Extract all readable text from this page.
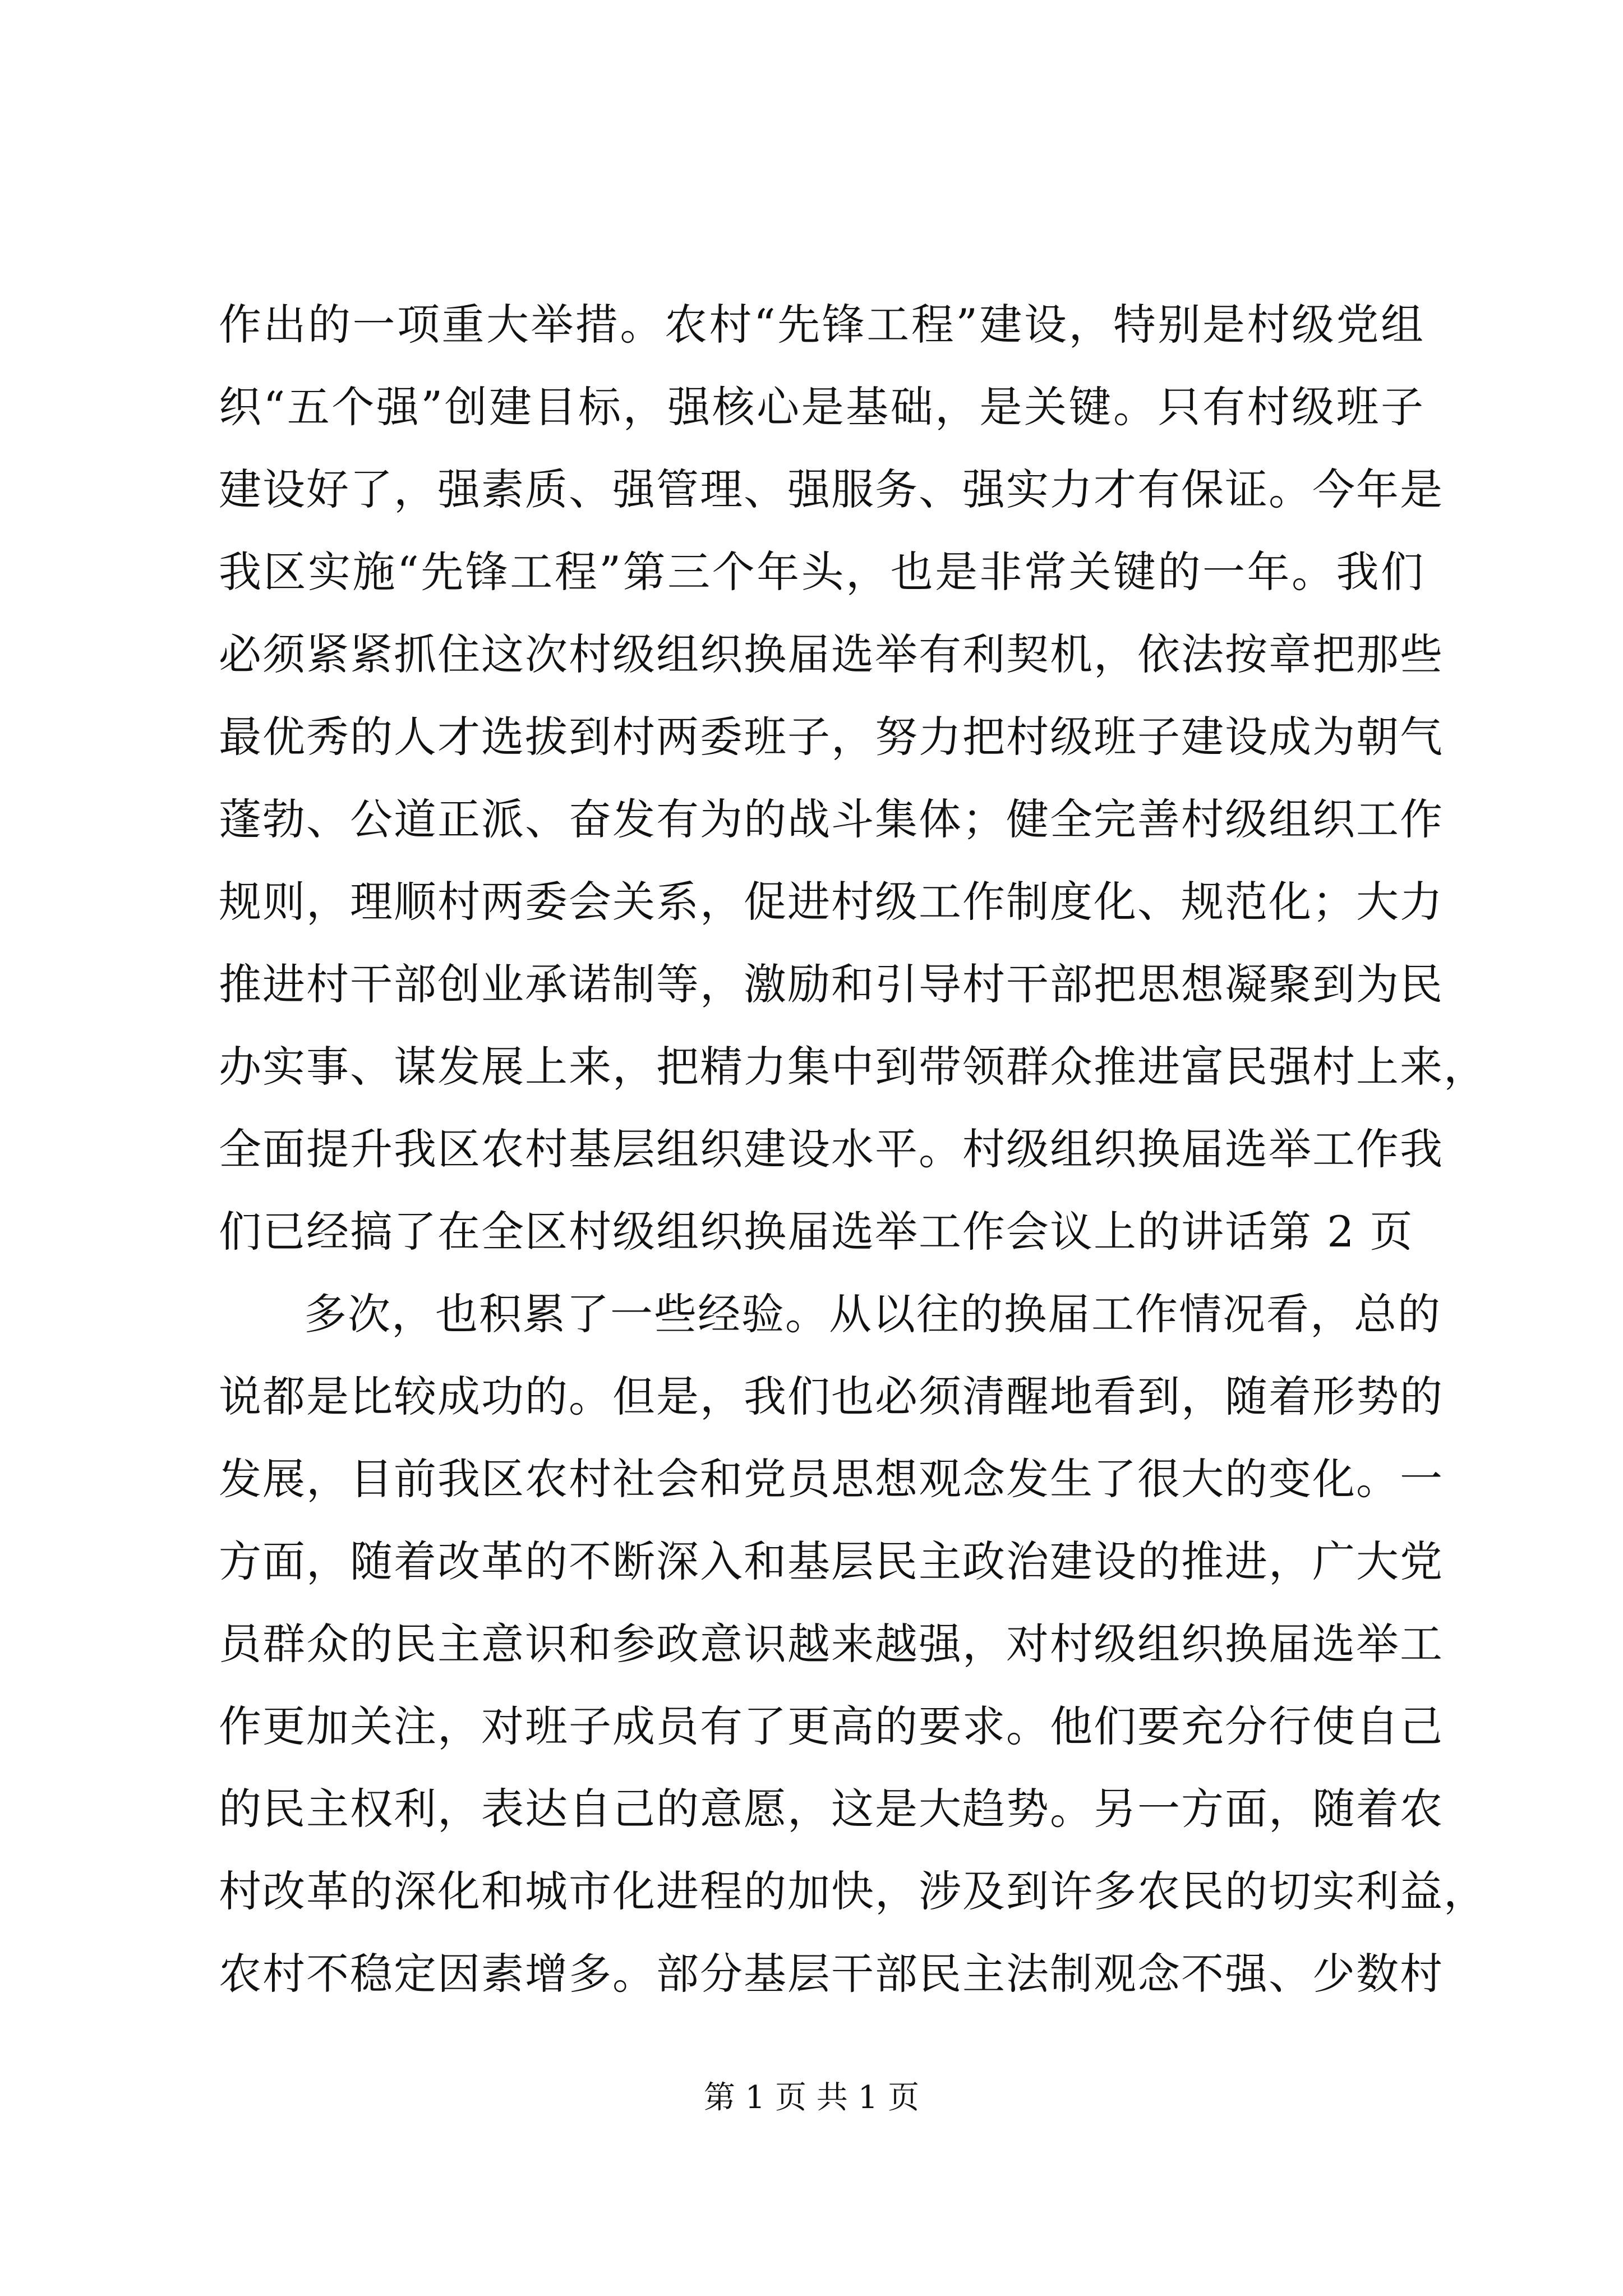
作出的一项重大举措。农村“先锋工程”建设，特别是村级党组
织“五个强”创建目标，强核心是基础，是关键。只有村级班子
建设好了，强素质、强管理、强服务、强实力才有保证。今年是
我区实施“先锋工程”第三个年头，也是非常关键的一年。我们
必须紧紧抓住这次村级组织换届选举有利契机，依法按章把那些
最优秀的人才选拔到村两委班子，努力把村级班子建设成为朝气
蓬勃、公道正派、奋发有为的战斗集体；健全完善村级组织工作
规则，理顺村两委会关系，促进村级工作制度化、规范化；大力
推进村干部创业承诺制等，激励和引导村干部把思想凝聚到为民
办实事、谋发展上来，把精力集中到带领群众推进富民强村上来，
全面提升我区农村基层组织建设水平。村级组织换届选举工作我
们已经搞了在全区村级组织换届选举工作会议上的讲话第 2 页
多次，也积累了一些经验。从以往的换届工作情况看，总的
说都是比较成功的。但是，我们也必须清醒地看到，随着形势的
发展，目前我区农村社会和党员思想观念发生了很大的变化。一
方面，随着改革的不断深入和基层民主政治建设的推进，广大党
员群众的民主意识和参政意识越来越强，对村级组织换届选举工
作更加关注，对班子成员有了更高的要求。他们要充分行使自己
的民主权利，表达自己的意愿，这是大趋势。另一方面，随着农
村改革的深化和城市化进程的加快，涉及到许多农民的切实利益，
农村不稳定因素增多。部分基层干部民主法制观念不强、少数村
第 1 页 共 1 页
